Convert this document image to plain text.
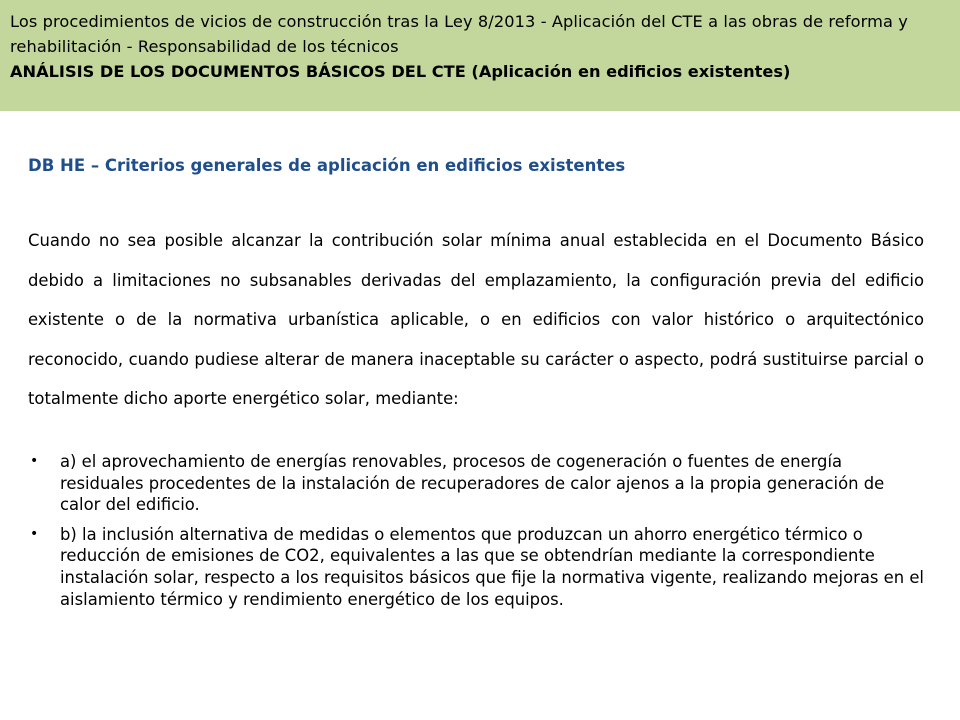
Los procedimientos de vicios de construcción tras la Ley 8/2013 - Aplicación del CTE a las obras de reforma y rehabilitación - Responsabilidad de los técnicos

ANÁLISIS DE LOS DOCUMENTOS BÁSICOS DEL CTE (Aplicación en edificios existentes)

DB HE – Criterios generales de aplicación en edificios existentes

Cuando no sea posible alcanzar la contribución solar mínima anual establecida en el Documento Básico debido a limitaciones no subsanables derivadas del emplazamiento, la configuración previa del edificio existente o de la normativa urbanística aplicable, o en edificios con valor histórico o arquitectónico reconocido, cuando pudiese alterar de manera inaceptable su carácter o aspecto, podrá sustituirse parcial o totalmente dicho aporte energético solar, mediante:

• a) el aprovechamiento de energías renovables, procesos de cogeneración o fuentes de energía residuales procedentes de la instalación de recuperadores de calor ajenos a la propia generación de calor del edificio.
• b) la inclusión alternativa de medidas o elementos que produzcan un ahorro energético térmico o reducción de emisiones de CO2, equivalentes a las que se obtendrían mediante la correspondiente instalación solar, respecto a los requisitos básicos que fije la normativa vigente, realizando mejoras en el aislamiento térmico y rendimiento energético de los equipos.
